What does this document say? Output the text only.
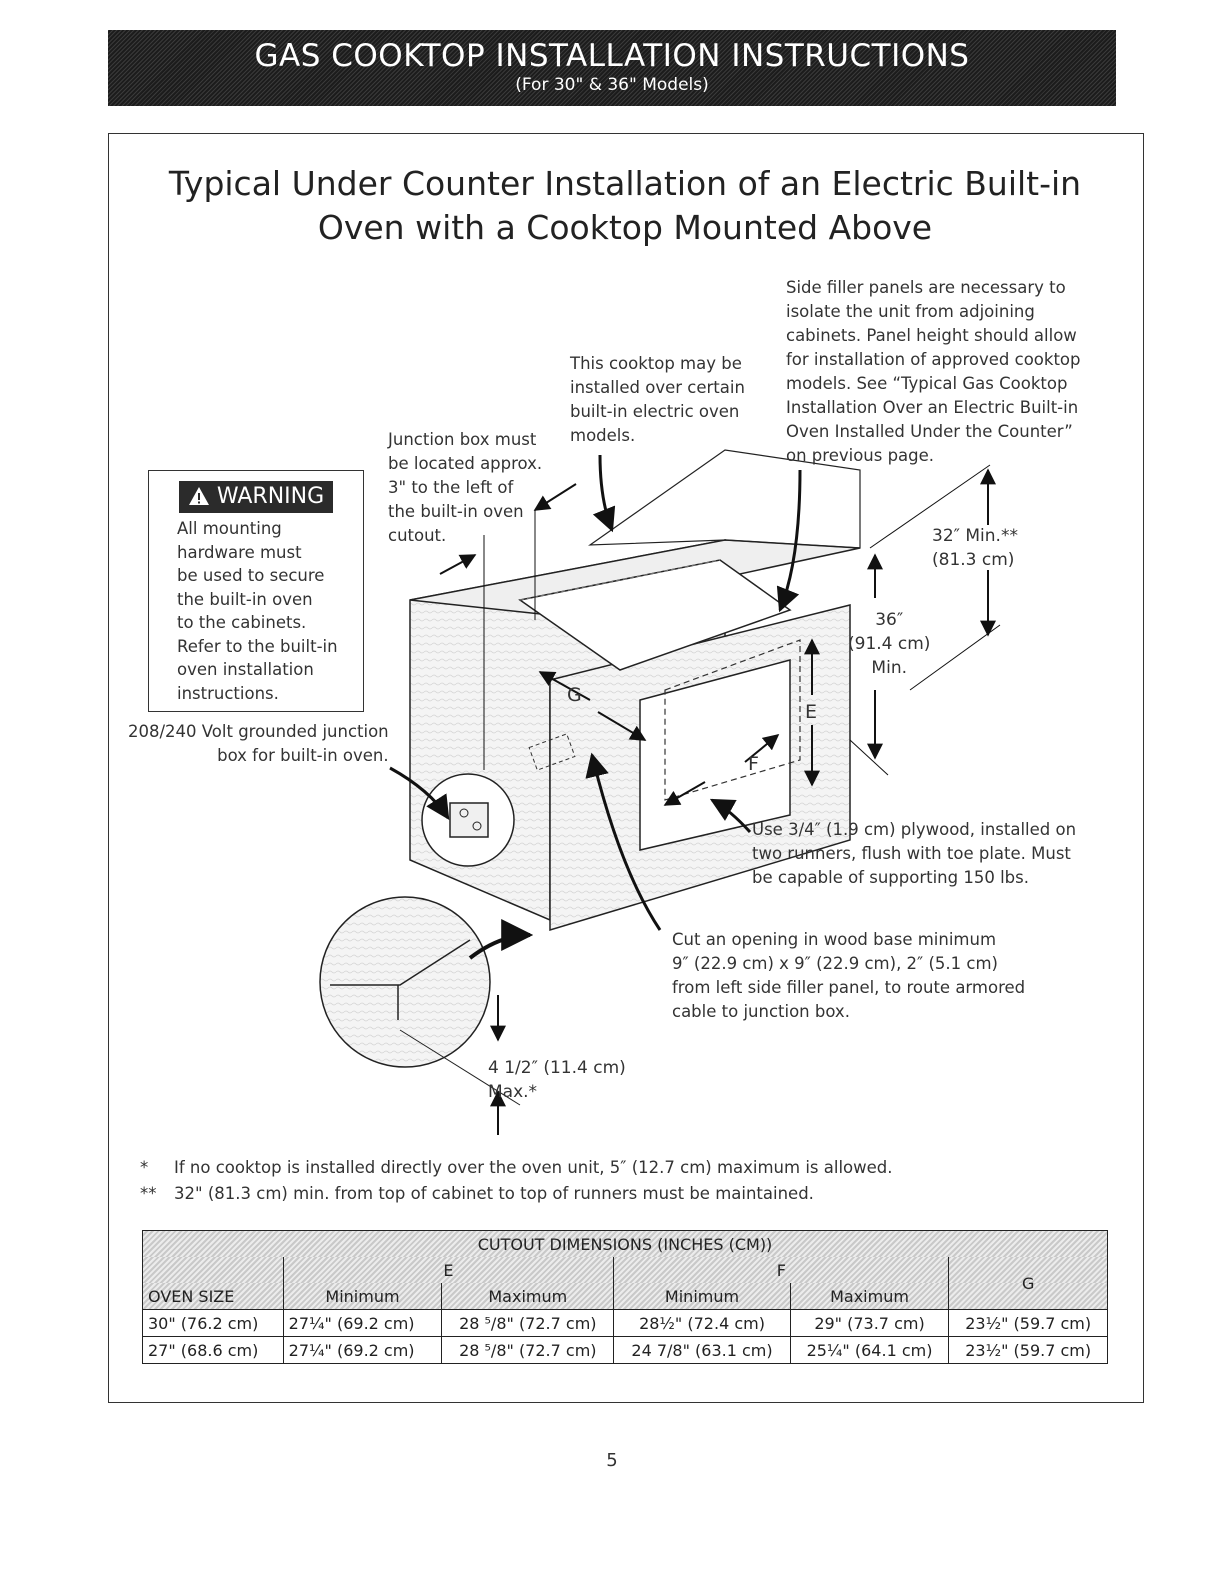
GAS COOKTOP INSTALLATION INSTRUCTIONS
(For 30" & 36" Models)
Typical Under Counter Installation of an Electric Built-in
Oven with a Cooktop Mounted Above
G
F
E
32″ Min.**
(81.3 cm)
36″
(91.4 cm)
Min.
4 1/2″ (11.4 cm)
Max.*
Side filler panels are necessary to
isolate the unit from adjoining
cabinets. Panel height should allow
for installation of approved cooktop
models. See “Typical Gas Cooktop
Installation Over an Electric Built-in
Oven Installed Under the Counter”
on previous page.
This cooktop may be
installed over certain
built-in electric oven
models.
Junction box must
be located approx.
3" to the left of
the built-in oven
cutout.
208/240 Volt grounded junction
box for built-in oven.
Use 3/4″ (1.9 cm) plywood, installed on
two runners, flush with toe plate. Must
be capable of supporting 150 lbs.
Cut an opening in wood base minimum
9″ (22.9 cm) x 9″ (22.9 cm), 2″ (5.1 cm)
from left side filler panel, to route armored
cable to junction box.
WARNING
All mounting
hardware must
be used to secure
the built-in oven
to the cabinets.
Refer to the built-in
oven installation
instructions.
* If no cooktop is installed directly over the oven unit, 5″ (12.7 cm) maximum is allowed.
** 32" (81.3 cm) min. from top of cabinet to top of runners must be maintained.
CUTOUT DIMENSIONS (INCHES (CM))					
	E		F		G
OVEN SIZE	Minimum	Maximum	Minimum	Maximum	
30" (76.2 cm)	27¼" (69.2 cm)	28 ⁵/8" (72.7 cm)	28½" (72.4 cm)	29" (73.7 cm)	23½" (59.7 cm)
27" (68.6 cm)	27¼" (69.2 cm)	28 ⁵/8" (72.7 cm)	24 7/8" (63.1 cm)	25¼" (64.1 cm)	23½" (59.7 cm)
5
